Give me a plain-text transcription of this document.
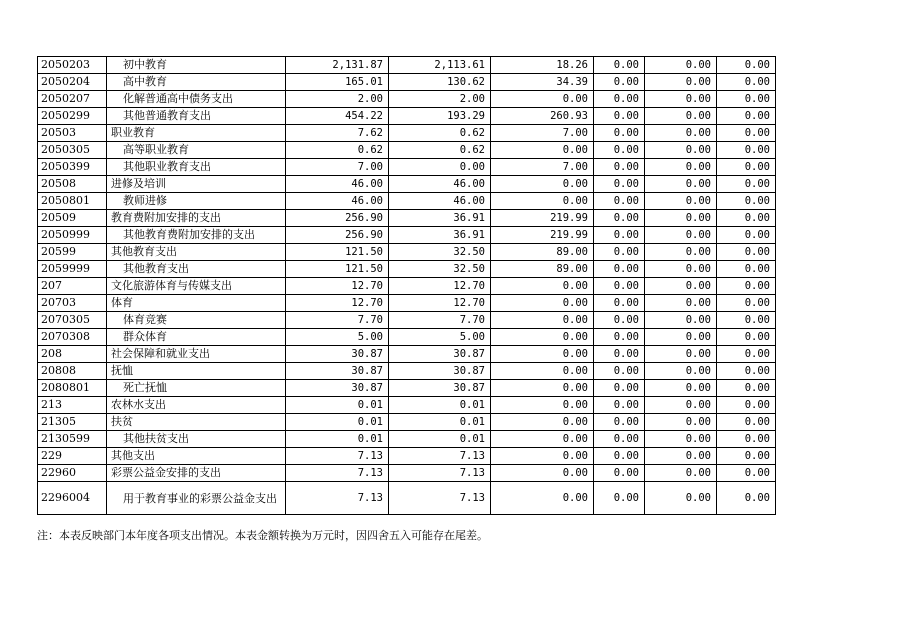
2050203	初中教育	2,131.87	2,113.61	18.26	0.00	0.00	0.00
2050204	高中教育	165.01	130.62	34.39	0.00	0.00	0.00
2050207	化解普通高中债务支出	2.00	2.00	0.00	0.00	0.00	0.00
2050299	其他普通教育支出	454.22	193.29	260.93	0.00	0.00	0.00
20503	职业教育	7.62	0.62	7.00	0.00	0.00	0.00
2050305	高等职业教育	0.62	0.62	0.00	0.00	0.00	0.00
2050399	其他职业教育支出	7.00	0.00	7.00	0.00	0.00	0.00
20508	进修及培训	46.00	46.00	0.00	0.00	0.00	0.00
2050801	教师进修	46.00	46.00	0.00	0.00	0.00	0.00
20509	教育费附加安排的支出	256.90	36.91	219.99	0.00	0.00	0.00
2050999	其他教育费附加安排的支出	256.90	36.91	219.99	0.00	0.00	0.00
20599	其他教育支出	121.50	32.50	89.00	0.00	0.00	0.00
2059999	其他教育支出	121.50	32.50	89.00	0.00	0.00	0.00
207	文化旅游体育与传媒支出	12.70	12.70	0.00	0.00	0.00	0.00
20703	体育	12.70	12.70	0.00	0.00	0.00	0.00
2070305	体育竞赛	7.70	7.70	0.00	0.00	0.00	0.00
2070308	群众体育	5.00	5.00	0.00	0.00	0.00	0.00
208	社会保障和就业支出	30.87	30.87	0.00	0.00	0.00	0.00
20808	抚恤	30.87	30.87	0.00	0.00	0.00	0.00
2080801	死亡抚恤	30.87	30.87	0.00	0.00	0.00	0.00
213	农林水支出	0.01	0.01	0.00	0.00	0.00	0.00
21305	扶贫	0.01	0.01	0.00	0.00	0.00	0.00
2130599	其他扶贫支出	0.01	0.01	0.00	0.00	0.00	0.00
229	其他支出	7.13	7.13	0.00	0.00	0.00	0.00
22960	彩票公益金安排的支出	7.13	7.13	0.00	0.00	0.00	0.00
2296004	用于教育事业的彩票公益金支出	7.13	7.13	0.00	0.00	0.00	0.00
注：本表反映部门本年度各项支出情况。本表金额转换为万元时，因四舍五入可能存在尾差。
